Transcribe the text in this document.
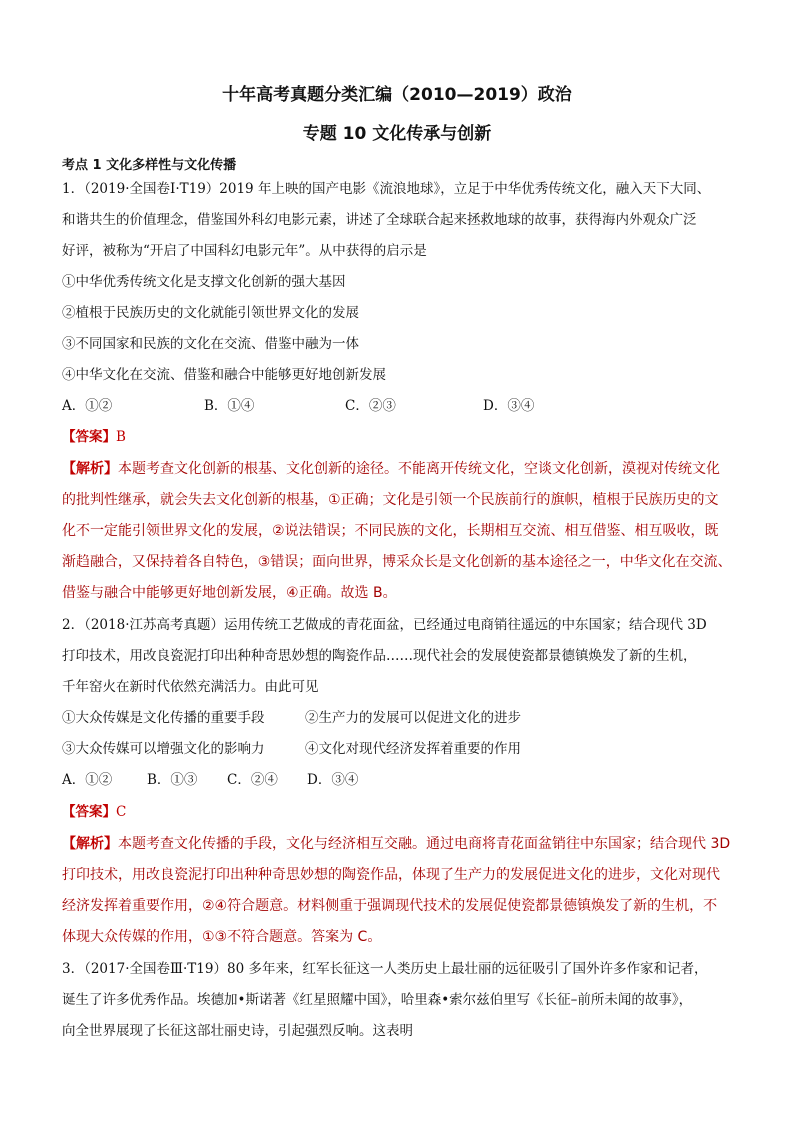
十年高考真题分类汇编（2010—2019）政治
专题 10 文化传承与创新
考点 1 文化多样性与文化传播
1．（2019·全国卷Ⅰ·T19）2019 年上映的国产电影《流浪地球》，立足于中华优秀传统文化，融入天下大同、
和谐共生的价值理念，借鉴国外科幻电影元素，讲述了全球联合起来拯救地球的故事，获得海内外观众广泛
好评，被称为“开启了中国科幻电影元年”。从中获得的启示是
①中华优秀传统文化是支撑文化创新的强大基因
②植根于民族历史的文化就能引领世界文化的发展
③不同国家和民族的文化在交流、借鉴中融为一体
④中华文化在交流、借鉴和融合中能够更好地创新发展
A．①②	B．①④	C．②③	D．③④
【答案】B
【解析】本题考查文化创新的根基、文化创新的途径。不能离开传统文化，空谈文化创新，漠视对传统文化
的批判性继承，就会失去文化创新的根基，①正确；文化是引领一个民族前行的旗帜，植根于民族历史的文
化不一定能引领世界文化的发展，②说法错误；不同民族的文化，长期相互交流、相互借鉴、相互吸收，既
渐趋融合，又保持着各自特色，③错误；面向世界，博采众长是文化创新的基本途径之一，中华文化在交流、
借鉴与融合中能够更好地创新发展，④正确。故选 B。
2．（2018·江苏高考真题）运用传统工艺做成的青花面盆，已经通过电商销往遥远的中东国家；结合现代 3D
打印技术，用改良瓷泥打印出种种奇思妙想的陶瓷作品……现代社会的发展使瓷都景德镇焕发了新的生机，
千年窑火在新时代依然充满活力。由此可见
①大众传媒是文化传播的重要手段	②生产力的发展可以促进文化的进步
③大众传媒可以增强文化的影响力	④文化对现代经济发挥着重要的作用
A．①②	B．①③ C．②④ D．③④
【答案】C
【解析】本题考查文化传播的手段，文化与经济相互交融。通过电商将青花面盆销往中东国家；结合现代 3D
打印技术，用改良瓷泥打印出种种奇思妙想的陶瓷作品，体现了生产力的发展促进文化的进步，文化对现代
经济发挥着重要作用，②④符合题意。材料侧重于强调现代技术的发展促使瓷都景德镇焕发了新的生机，不
体现大众传媒的作用，①③不符合题意。答案为 C。
3．（2017·全国卷Ⅲ·T19）80 多年来，红军长征这一人类历史上最壮丽的远征吸引了国外许多作家和记者，
诞生了许多优秀作品。埃德加•斯诺著《红星照耀中国》，哈里森•索尔兹伯里写《长征–前所未闻的故事》，
向全世界展现了长征这部壮丽史诗，引起强烈反响。这表明
